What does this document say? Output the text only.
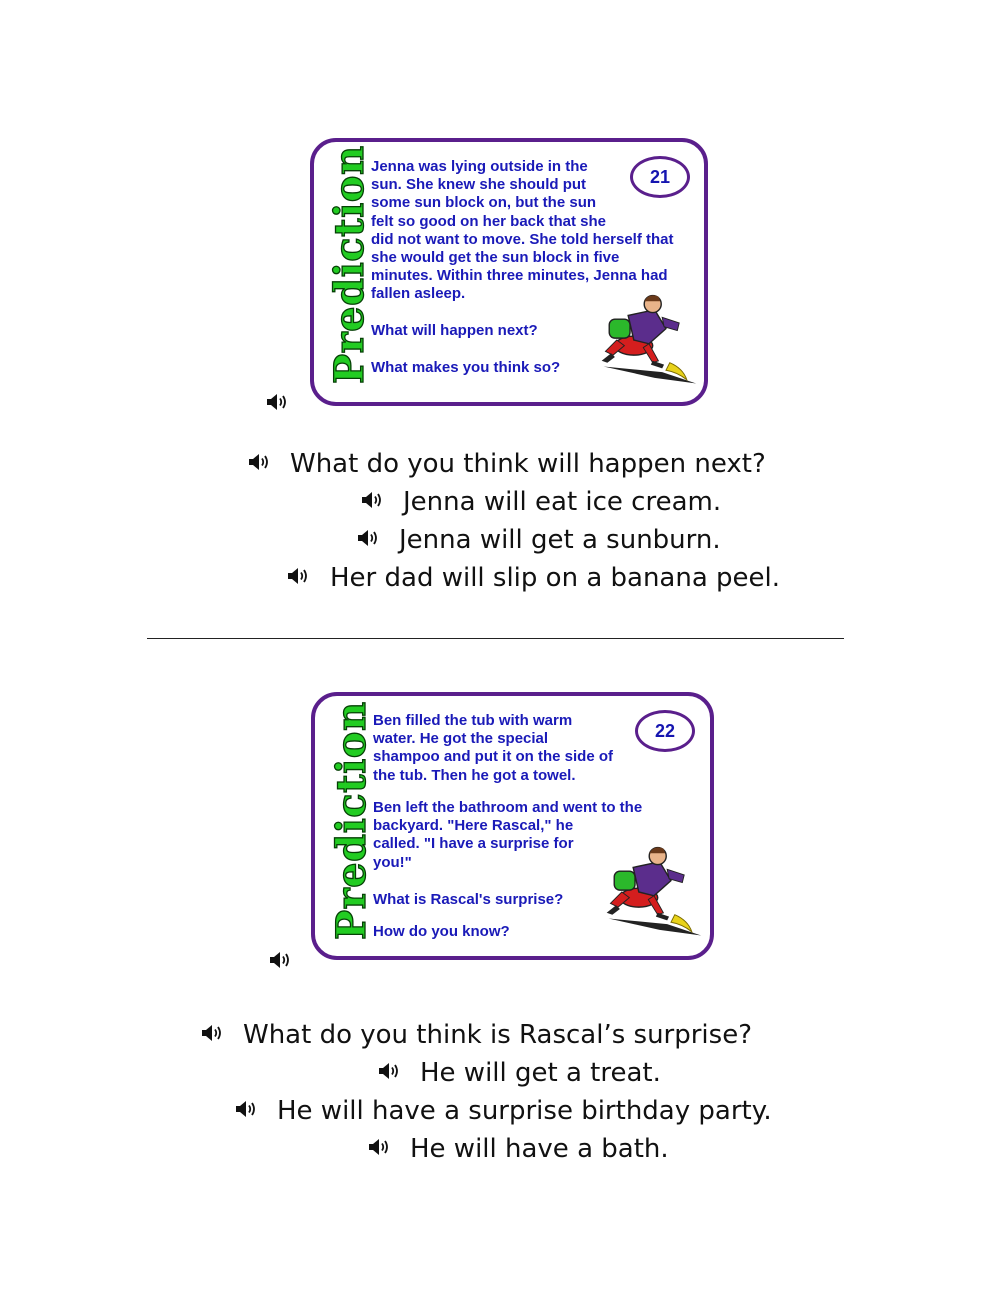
Prediction

Jenna was lying outside in the
sun. She knew she should put
some sun block on, but the sun
felt so good on her back that she
did not want to move. She told herself that
she would get the sun block in five
minutes. Within three minutes, Jenna had
fallen asleep.

21

What will happen next?

What makes you think so?

What do you think will happen next?
Jenna will eat ice cream.
Jenna will get a sunburn.
Her dad will slip on a banana peel.
Prediction

Ben filled the tub with warm
water. He got the special
shampoo and put it on the side of
the tub. Then he got a towel.

Ben left the bathroom and went to the
backyard. "Here Rascal," he
called. "I have a surprise for
you!"

22

What is Rascal's surprise?

How do you know?

What do you think is Rascal’s surprise?
He will get a treat.
He will have a surprise birthday party.
He will have a bath.
